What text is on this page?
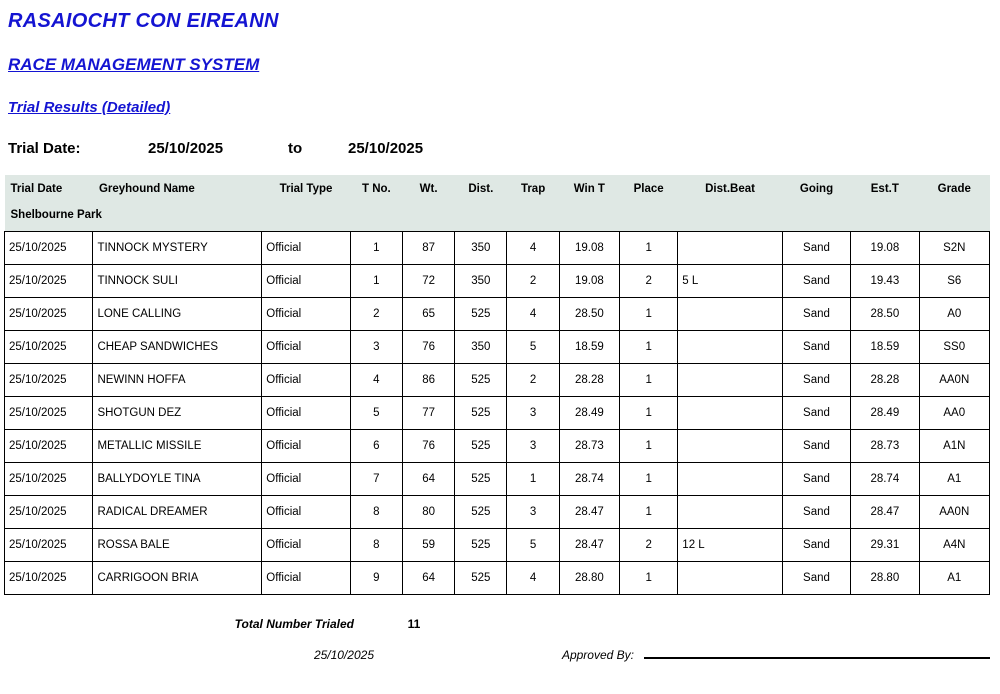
RASAIOCHT CON EIREANN
RACE MANAGEMENT SYSTEM
Trial Results (Detailed)
Trial Date:	25/10/2025	to	25/10/2025
Trial Date	Greyhound Name	Trial Type	T No.	Wt.	Dist.	Trap	Win T	Place	Dist.Beat	Going	Est.T	Grade
Shelbourne Park												

25/10/2025	TINNOCK MYSTERY	Official	1	87	350	4	19.08	1		Sand	19.08	S2N
25/10/2025	TINNOCK SULI	Official	1	72	350	2	19.08	2	5 L	Sand	19.43	S6
25/10/2025	LONE CALLING	Official	2	65	525	4	28.50	1		Sand	28.50	A0
25/10/2025	CHEAP SANDWICHES	Official	3	76	350	5	18.59	1		Sand	18.59	SS0
25/10/2025	NEWINN HOFFA	Official	4	86	525	2	28.28	1		Sand	28.28	AA0N
25/10/2025	SHOTGUN DEZ	Official	5	77	525	3	28.49	1		Sand	28.49	AA0
25/10/2025	METALLIC MISSILE	Official	6	76	525	3	28.73	1		Sand	28.73	A1N
25/10/2025	BALLYDOYLE TINA	Official	7	64	525	1	28.74	1		Sand	28.74	A1
25/10/2025	RADICAL DREAMER	Official	8	80	525	3	28.47	1		Sand	28.47	AA0N
25/10/2025	ROSSA BALE	Official	8	59	525	5	28.47	2	12 L	Sand	29.31	A4N
25/10/2025	CARRIGOON BRIA	Official	9	64	525	4	28.80	1		Sand	28.80	A1
Total Number Trialed	11
25/10/2025	Approved By:
